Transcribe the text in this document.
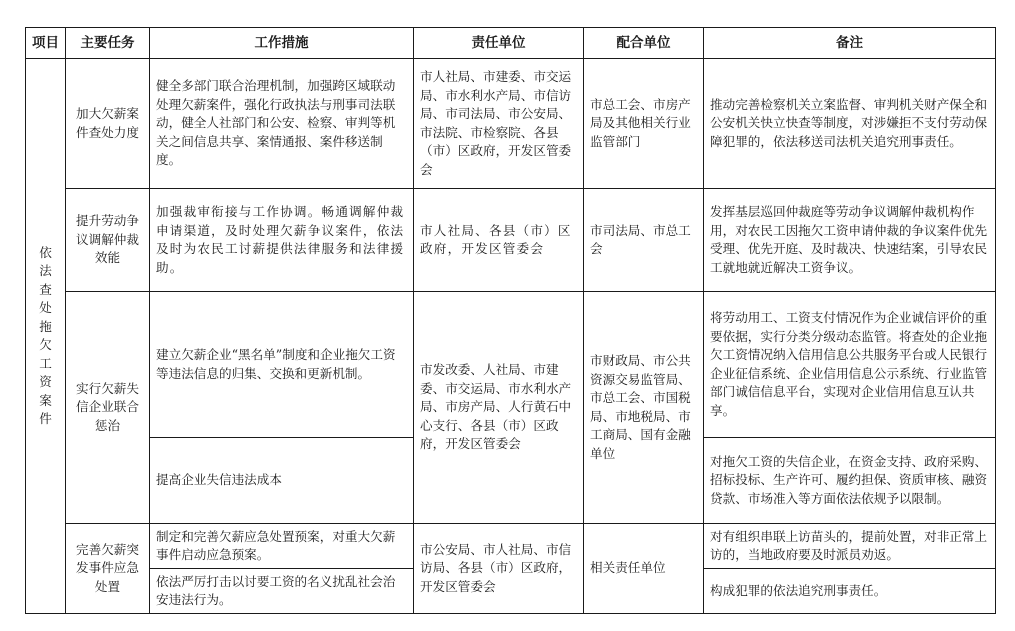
项目	主要任务	工作措施	责任单位	配合单位	备注
依法查处拖欠工资案件	加大欠薪案件查处力度	健全多部门联合治理机制，加强跨区域联动处理欠薪案件，强化行政执法与刑事司法联动，健全人社部门和公安、检察、审判等机关之间信息共享、案情通报、案件移送制度。	市人社局、市建委、市交运局、市水利水产局、市信访局、市司法局、市公安局、市法院、市检察院、各县（市）区政府，开发区管委会	市总工会、市房产局及其他相关行业监管部门	推动完善检察机关立案监督、审判机关财产保全和公安机关快立快查等制度，对涉嫌拒不支付劳动保障犯罪的，依法移送司法机关追究刑事责任。
	提升劳动争议调解仲裁效能	加强裁审衔接与工作协调。畅通调解仲裁申请渠道，及时处理欠薪争议案件，依法及时为农民工讨薪提供法律服务和法律援助。	市人社局、各县（市）区政府，开发区管委会	市司法局、市总工会	发挥基层巡回仲裁庭等劳动争议调解仲裁机构作用，对农民工因拖欠工资申请仲裁的争议案件优先受理、优先开庭、及时裁决、快速结案，引导农民工就地就近解决工资争议。
	实行欠薪失信企业联合惩治	建立欠薪企业“黑名单”制度和企业拖欠工资等违法信息的归集、交换和更新机制。	市发改委、人社局、市建委、市交运局、市水利水产局、市房产局、人行黄石中心支行、各县（市）区政府，开发区管委会	市财政局、市公共资源交易监管局、市总工会、市国税局、市地税局、市工商局、国有金融单位	将劳动用工、工资支付情况作为企业诚信评价的重要依据，实行分类分级动态监管。将查处的企业拖欠工资情况纳入信用信息公共服务平台或人民银行企业征信系统、企业信用信息公示系统、行业监管部门诚信信息平台，实现对企业信用信息互认共享。
		提高企业失信违法成本			对拖欠工资的失信企业，在资金支持、政府采购、招标投标、生产许可、履约担保、资质审核、融资贷款、市场准入等方面依法依规予以限制。
	完善欠薪突发事件应急处置	制定和完善欠薪应急处置预案，对重大欠薪事件启动应急预案。	市公安局、市人社局、市信访局、各县（市）区政府，开发区管委会	相关责任单位	对有组织串联上访苗头的，提前处置，对非正常上访的，当地政府要及时派员劝返。
		依法严厉打击以讨要工资的名义扰乱社会治安违法行为。			构成犯罪的依法追究刑事责任。
